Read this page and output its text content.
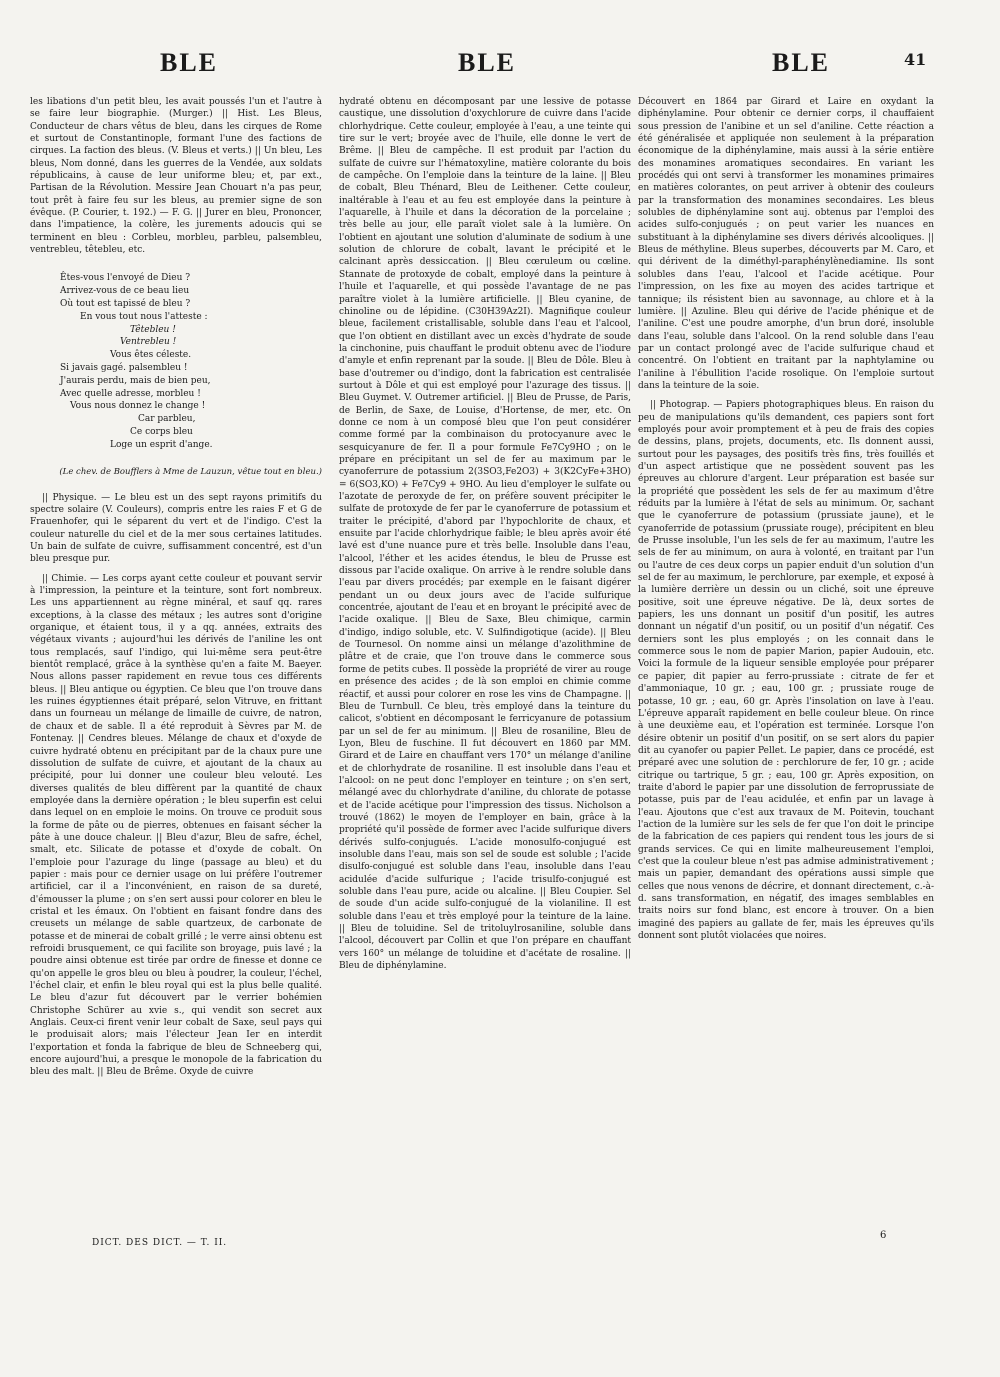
BLE	BLE	BLE	41

les libations d'un petit bleu, les avait poussés l'un et l'autre à se faire leur biographie. (Murger.) || Hist. Les Bleus, Conducteur de chars vêtus de bleu, dans les cirques de Rome et surtout de Constantinople, formant l'une des factions de cirques. La faction des bleus. (V. Bleus et verts.) || Un bleu, Les bleus, Nom donné, dans les guerres de la Vendée, aux soldats républicains, à cause de leur uniforme bleu; et, par ext., Partisan de la Révolution. Messire Jean Chouart n'a pas peur, tout prêt à faire feu sur les bleus, au premier signe de son évêque. (P. Courier, t. 192.) — F. G. || Jurer en bleu, Prononcer, dans l'impatience, la colère, les jurements adoucis qui se terminent en bleu : Corbleu, morbleu, parbleu, palsembleu, ventrebleu, têtebleu, etc.

Êtes-vous l'envoyé de Dieu ?
Arrivez-vous de ce beau lieu
Où tout est tapissé de bleu ?
En vous tout nous l'atteste :
Têtebleu !
Ventrebleu !
Vous êtes céleste.
Si javais gagé. palsembleu !
J'aurais perdu, mais de bien peu,
Avec quelle adresse, morbleu !
Vous nous donnez le change !
Car parbleu,
Ce corps bleu
Loge un esprit d'ange.
(Le chev. de Boufflers à Mme de Lauzun, vêtue tout en bleu.)

|| Physique. — Le bleu est un des sept rayons primitifs du spectre solaire (V. Couleurs), compris entre les raies F et G de Frauenhofer, qui le séparent du vert et de l'indigo. C'est la couleur naturelle du ciel et de la mer sous certaines latitudes. Un bain de sulfate de cuivre, suffisamment concentré, est d'un bleu presque pur.

|| Chimie. — Les corps ayant cette couleur et pouvant servir à l'impression, la peinture et la teinture, sont fort nombreux. Les uns appartiennent au règne minéral, et sauf qq. rares exceptions, à la classe des métaux ; les autres sont d'origine organique, et étaient tous, il y a qq. années, extraits des végétaux vivants ; aujourd'hui les dérivés de l'aniline les ont tous remplacés, sauf l'indigo, qui lui-même sera peut-être bientôt remplacé, grâce à la synthèse qu'en a faite M. Baeyer. Nous allons passer rapidement en revue tous ces différents bleus. || Bleu antique ou égyptien. Ce bleu que l'on trouve dans les ruines égyptiennes était préparé, selon Vitruve, en frittant dans un fourneau un mélange de limaille de cuivre, de natron, de chaux et de sable. Il a été reproduit à Sèvres par M. de Fontenay. || Cendres bleues. Mélange de chaux et d'oxyde de cuivre hydraté obtenu en précipitant par de la chaux pure une dissolution de sulfate de cuivre, et ajoutant de la chaux au précipité, pour lui donner une couleur bleu velouté. Les diverses qualités de bleu diffèrent par la quantité de chaux employée dans la dernière opération ; le bleu superfin est celui dans lequel on en emploie le moins. On trouve ce produit sous la forme de pâte ou de pierres, obtenues en faisant sécher la pâte à une douce chaleur. || Bleu d'azur, Bleu de safre, échel, smalt, etc. Silicate de potasse et d'oxyde de cobalt. On l'emploie pour l'azurage du linge (passage au bleu) et du papier : mais pour ce dernier usage on lui préfère l'outremer artificiel, car il a l'inconvénient, en raison de sa dureté, d'émousser la plume ; on s'en sert aussi pour colorer en bleu le cristal et les émaux. On l'obtient en faisant fondre dans des creusets un mélange de sable quartzeux, de carbonate de potasse et de minerai de cobalt grillé ; le verre ainsi obtenu est refroidi brusquement, ce qui facilite son broyage, puis lavé ; la poudre ainsi obtenue est tirée par ordre de finesse et donne ce qu'on appelle le gros bleu ou bleu à poudrer, la couleur, l'échel, l'échel clair, et enfin le bleu royal qui est la plus belle qualité. Le bleu d'azur fut découvert par le verrier bohémien Christophe Schürer au xvie s., qui vendit son secret aux Anglais. Ceux-ci firent venir leur cobalt de Saxe, seul pays qui le produisait alors; mais l'électeur Jean Ier en interdit l'exportation et fonda la fabrique de bleu de Schneeberg qui, encore aujourd'hui, a presque le monopole de la fabrication du bleu des malt. || Bleu de Brême. Oxyde de cuivre

hydraté obtenu en décomposant par une lessive de potasse caustique, une dissolution d'oxychlorure de cuivre dans l'acide chlorhydrique. Cette couleur, employée à l'eau, a une teinte qui tire sur le vert; broyée avec de l'huile, elle donne le vert de Brême. || Bleu de campêche. Il est produit par l'action du sulfate de cuivre sur l'hématoxyline, matière colorante du bois de campêche. On l'emploie dans la teinture de la laine. || Bleu de cobalt, Bleu Thénard, Bleu de Leithener. Cette couleur, inaltérable à l'eau et au feu est employée dans la peinture à l'aquarelle, à l'huile et dans la décoration de la porcelaine ; très belle au jour, elle paraît violet sale à la lumière. On l'obtient en ajoutant une solution d'aluminate de sodium à une solution de chlorure de cobalt, lavant le précipité et le calcinant après dessiccation. || Bleu cœruleum ou cœline. Stannate de protoxyde de cobalt, employé dans la peinture à l'huile et l'aquarelle, et qui possède l'avantage de ne pas paraître violet à la lumière artificielle. || Bleu cyanine, de chinoline ou de lépidine. (C30H39Az2I). Magnifique couleur bleue, facilement cristallisable, soluble dans l'eau et l'alcool, que l'on obtient en distillant avec un excès d'hydrate de soude la cinchonine, puis chauffant le produit obtenu avec de l'iodure d'amyle et enfin reprenant par la soude. || Bleu de Dôle. Bleu à base d'outremer ou d'indigo, dont la fabrication est centralisée surtout à Dôle et qui est employé pour l'azurage des tissus. || Bleu Guymet. V. Outremer artificiel. || Bleu de Prusse, de Paris, de Berlin, de Saxe, de Louise, d'Hortense, de mer, etc. On donne ce nom à un composé bleu que l'on peut considérer comme formé par la combinaison du protocyanure avec le sesquicyanure de fer. Il a pour formule Fe7Cy9HO ; on le prépare en précipitant un sel de fer au maximum par le cyanoferrure de potassium 2(3SO3,Fe2O3) + 3(K2CyFe+3HO) = 6(SO3,KO) + Fe7Cy9 + 9HO. Au lieu d'employer le sulfate ou l'azotate de peroxyde de fer, on préfère souvent précipiter le sulfate de protoxyde de fer par le cyanoferrure de potassium et traiter le précipité, d'abord par l'hypochlorite de chaux, et ensuite par l'acide chlorhydrique faible; le bleu après avoir été lavé est d'une nuance pure et très belle. Insoluble dans l'eau, l'alcool, l'éther et les acides étendus, le bleu de Prusse est dissous par l'acide oxalique. On arrive à le rendre soluble dans l'eau par divers procédés; par exemple en le faisant digérer pendant un ou deux jours avec de l'acide sulfurique concentrée, ajoutant de l'eau et en broyant le précipité avec de l'acide oxalique. || Bleu de Saxe, Bleu chimique, carmin d'indigo, indigo soluble, etc. V. Sulfindigotique (acide). || Bleu de Tournesol. On nomme ainsi un mélange d'azolithmine de plâtre et de craie, que l'on trouve dans le commerce sous forme de petits cubes. Il possède la propriété de virer au rouge en présence des acides ; de là son emploi en chimie comme réactif, et aussi pour colorer en rose les vins de Champagne. || Bleu de Turnbull. Ce bleu, très employé dans la teinture du calicot, s'obtient en décomposant le ferricyanure de potassium par un sel de fer au minimum. || Bleu de rosaniline, Bleu de Lyon, Bleu de fuschine. Il fut découvert en 1860 par MM. Girard et de Laire en chauffant vers 170° un mélange d'aniline et de chlorhydrate de rosaniline. Il est insoluble dans l'eau et l'alcool: on ne peut donc l'employer en teinture ; on s'en sert, mélangé avec du chlorhydrate d'aniline, du chlorate de potasse et de l'acide acétique pour l'impression des tissus. Nicholson a trouvé (1862) le moyen de l'employer en bain, grâce à la propriété qu'il possède de former avec l'acide sulfurique divers dérivés sulfo-conjugués. L'acide monosulfo-conjugué est insoluble dans l'eau, mais son sel de soude est soluble ; l'acide disulfo-conjugué est soluble dans l'eau, insoluble dans l'eau acidulée d'acide sulfurique ; l'acide trisulfo-conjugué est soluble dans l'eau pure, acide ou alcaline. || Bleu Coupier. Sel de soude d'un acide sulfo-conjugué de la violaniline. Il est soluble dans l'eau et très employé pour la teinture de la laine. || Bleu de toluidine. Sel de tritoluylrosaniline, soluble dans l'alcool, découvert par Collin et que l'on prépare en chauffant vers 160° un mélange de toluidine et d'acétate de rosaline. || Bleu de diphénylamine.

Découvert en 1864 par Girard et Laire en oxydant la diphénylamine. Pour obtenir ce dernier corps, il chauffaient sous pression de l'anibine et un sel d'aniline. Cette réaction a été généralisée et appliquée non seulement à la préparation économique de la diphénylamine, mais aussi à la série entière des monamines aromatiques secondaires. En variant les procédés qui ont servi à transformer les monamines primaires en matières colorantes, on peut arriver à obtenir des couleurs par la transformation des monamines secondaires. Les bleus solubles de diphénylamine sont auj. obtenus par l'emploi des acides sulfo-conjugués ; on peut varier les nuances en substituant à la diphénylamine ses divers dérivés alcooliques. || Bleus de méthyline. Bleus superbes, découverts par M. Caro, et qui dérivent de la diméthyl-paraphénylènediamine. Ils sont solubles dans l'eau, l'alcool et l'acide acétique. Pour l'impression, on les fixe au moyen des acides tartrique et tannique; ils résistent bien au savonnage, au chlore et à la lumière. || Azuline. Bleu qui dérive de l'acide phénique et de l'aniline. C'est une poudre amorphe, d'un brun doré, insoluble dans l'eau, soluble dans l'alcool. On la rend soluble dans l'eau par un contact prolongé avec de l'acide sulfurique chaud et concentré. On l'obtient en traitant par la naphtylamine ou l'aniline à l'ébullition l'acide rosolique. On l'emploie surtout dans la teinture de la soie.

|| Photograp. — Papiers photographiques bleus. En raison du peu de manipulations qu'ils demandent, ces papiers sont fort employés pour avoir promptement et à peu de frais des copies de dessins, plans, projets, documents, etc. Ils donnent aussi, surtout pour les paysages, des positifs très fins, très fouillés et d'un aspect artistique que ne possèdent souvent pas les épreuves au chlorure d'argent. Leur préparation est basée sur la propriété que possèdent les sels de fer au maximum d'être réduits par la lumière à l'état de sels au minimum. Or, sachant que le cyanoferrure de potassium (prussiate jaune), et le cyanoferride de potassium (prussiate rouge), précipitent en bleu de Prusse insoluble, l'un les sels de fer au maximum, l'autre les sels de fer au minimum, on aura à volonté, en traitant par l'un ou l'autre de ces deux corps un papier enduit d'un solution d'un sel de fer au maximum, le perchlorure, par exemple, et exposé à la lumière derrière un dessin ou un cliché, soit une épreuve positive, soit une épreuve négative. De là, deux sortes de papiers, les uns donnant un positif d'un positif, les autres donnant un négatif d'un positif, ou un positif d'un négatif. Ces derniers sont les plus employés ; on les connait dans le commerce sous le nom de papier Marion, papier Audouin, etc. Voici la formule de la liqueur sensible employée pour préparer ce papier, dit papier au ferro-prussiate : citrate de fer et d'ammoniaque, 10 gr. ; eau, 100 gr. ; prussiate rouge de potasse, 10 gr. ; eau, 60 gr. Après l'insolation on lave à l'eau. L'épreuve apparaît rapidement en belle couleur bleue. On rince à une deuxième eau, et l'opération est terminée. Lorsque l'on désire obtenir un positif d'un positif, on se sert alors du papier dit au cyanofer ou papier Pellet. Le papier, dans ce procédé, est préparé avec une solution de : perchlorure de fer, 10 gr. ; acide citrique ou tartrique, 5 gr. ; eau, 100 gr. Après exposition, on traite d'abord le papier par une dissolution de ferroprussiate de potasse, puis par de l'eau acidulée, et enfin par un lavage à l'eau. Ajoutons que c'est aux travaux de M. Poitevin, touchant l'action de la lumière sur les sels de fer que l'on doit le principe de la fabrication de ces papiers qui rendent tous les jours de si grands services. Ce qui en limite malheureusement l'emploi, c'est que la couleur bleue n'est pas admise administrativement ; mais un papier, demandant des opérations aussi simple que celles que nous venons de décrire, et donnant directement, c.-à-d. sans transformation, en négatif, des images semblables en traits noirs sur fond blanc, est encore à trouver. On a bien imaginé des papiers au gallate de fer, mais les épreuves qu'ils donnent sont plutôt violacées que noires.

DICT. DES DICT. — T. II.
6
